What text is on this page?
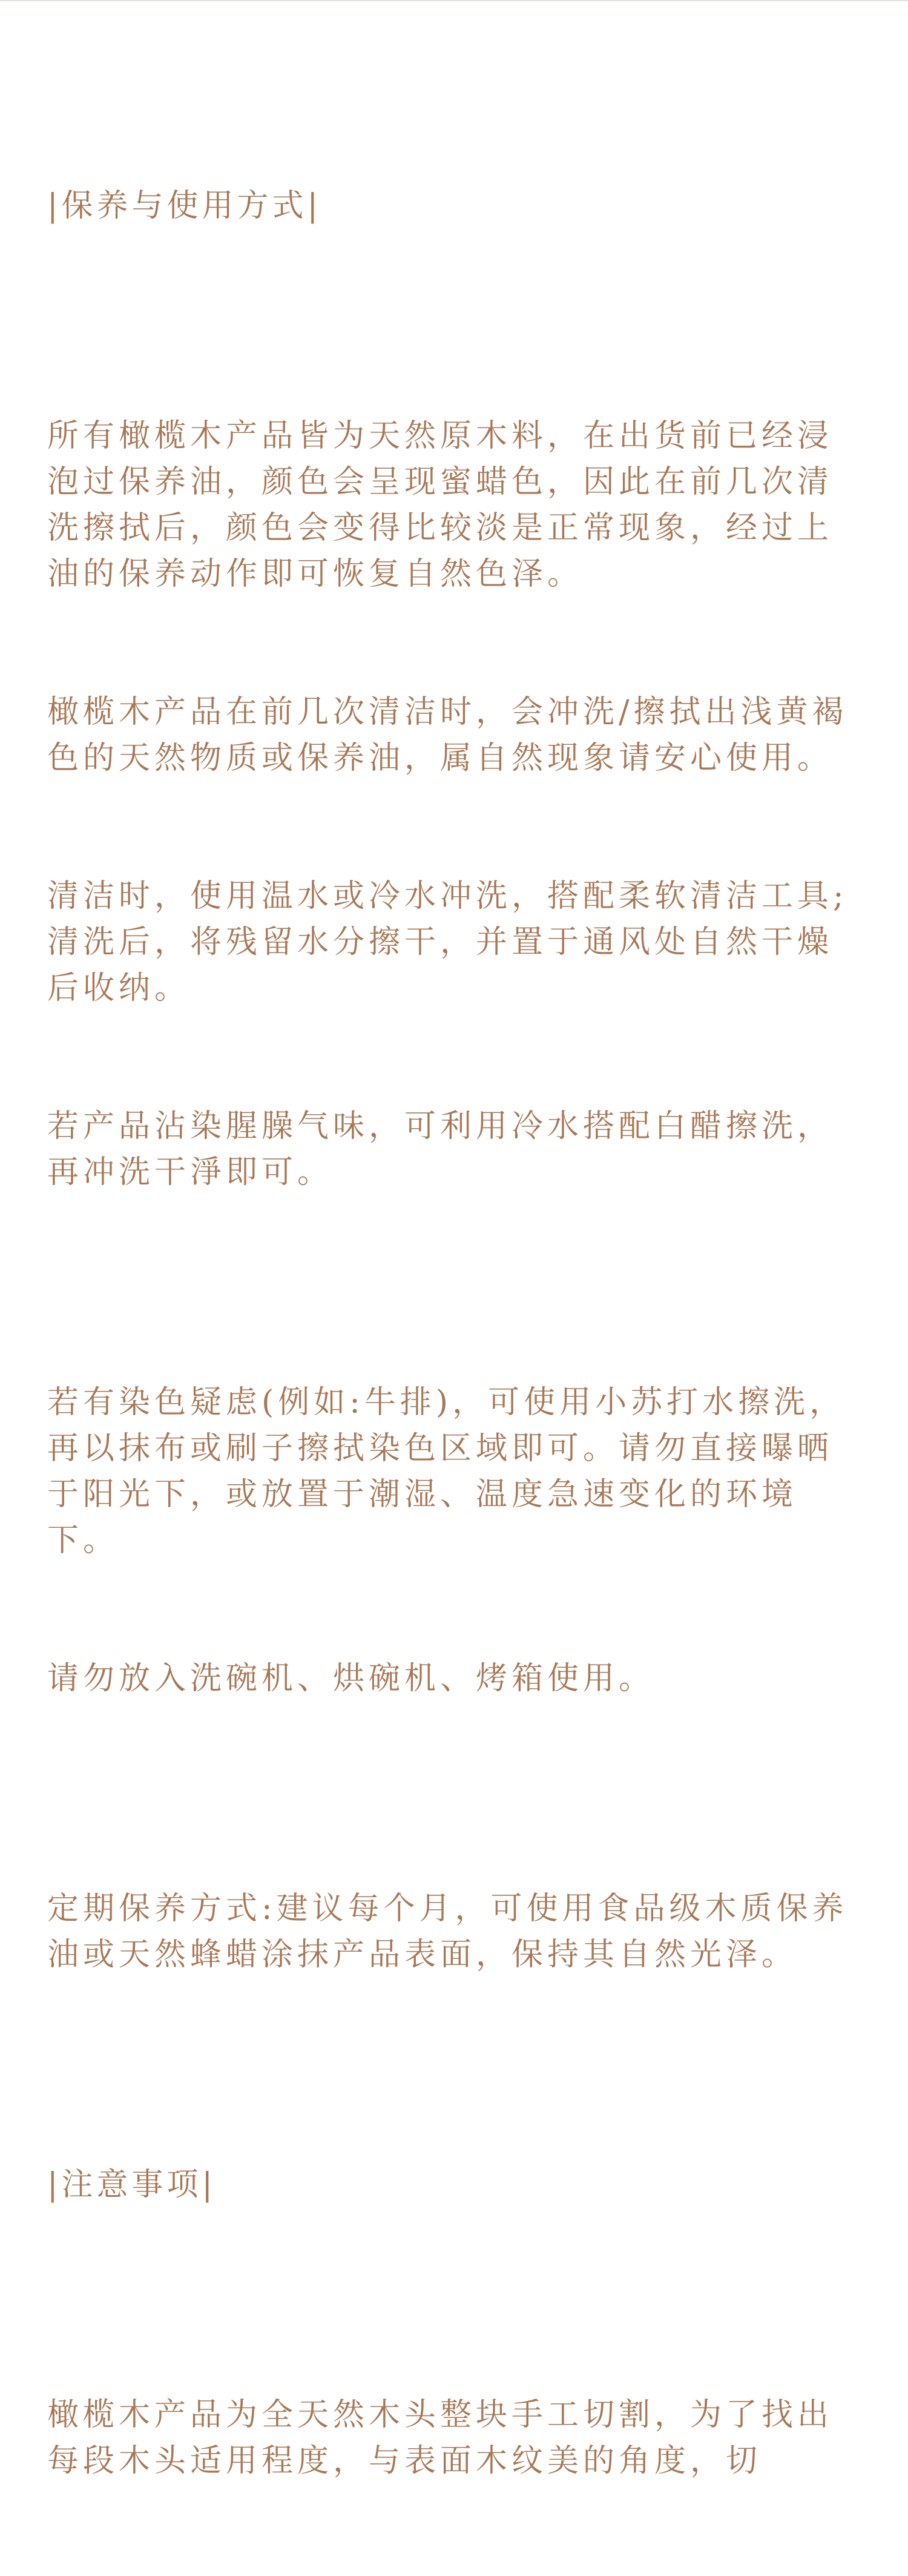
|保养与使用方式|

所有橄榄木产品皆为天然原木料，在出货前已经浸泡过保养油，颜色会呈现蜜蜡色，因此在前几次清洗擦拭后，颜色会变得比较淡是正常现象，经过上油的保养动作即可恢复自然色泽。

橄榄木产品在前几次清洁时，会冲洗/擦拭出浅黄褐色的天然物质或保养油，属自然现象请安心使用。

清洁时，使用温水或冷水冲洗，搭配柔软清洁工具;清洗后，将残留水分擦干，并置于通风处自然干燥后收纳。

若产品沾染腥臊气味，可利用冷水搭配白醋擦洗，再冲洗干淨即可。

若有染色疑虑(例如:牛排)，可使用小苏打水擦洗，再以抹布或刷子擦拭染色区域即可。请勿直接曝晒于阳光下，或放置于潮湿、温度急速变化的环境下。

请勿放入洗碗机、烘碗机、烤箱使用。

定期保养方式:建议每个月，可使用食品级木质保养油或天然蜂蜡涂抹产品表面，保持其自然光泽。

|注意事项|

橄榄木产品为全天然木头整块手工切割，为了找出每段木头适用程度，与表面木纹美的角度，切
